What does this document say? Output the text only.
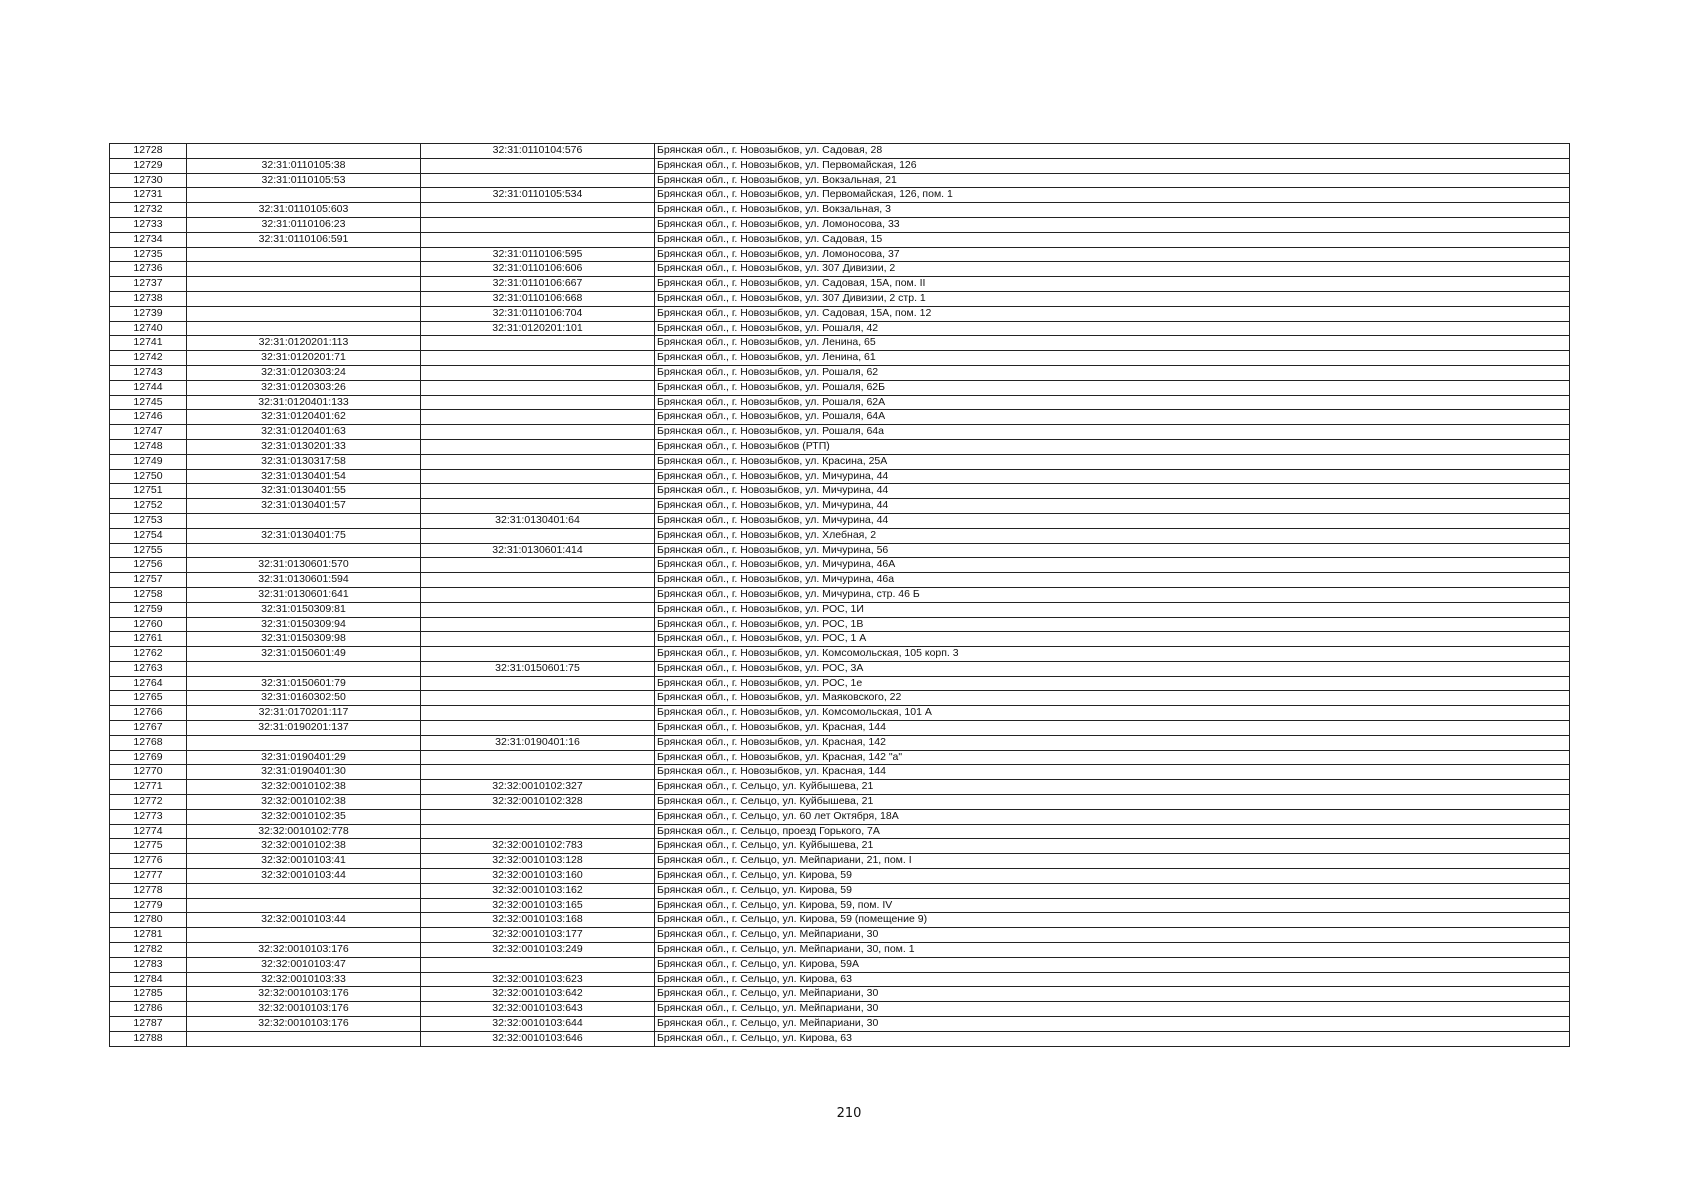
12728		32:31:0110104:576	Брянская обл., г. Новозыбков, ул. Садовая, 28
12729	32:31:0110105:38		Брянская обл., г. Новозыбков, ул. Первомайская, 126
12730	32:31:0110105:53		Брянская обл., г. Новозыбков, ул. Вокзальная, 21
12731		32:31:0110105:534	Брянская обл., г. Новозыбков, ул. Первомайская, 126, пом. 1
12732	32:31:0110105:603		Брянская обл., г. Новозыбков, ул. Вокзальная, 3
12733	32:31:0110106:23		Брянская обл., г. Новозыбков, ул. Ломоносова, 33
12734	32:31:0110106:591		Брянская обл., г. Новозыбков, ул. Садовая, 15
12735		32:31:0110106:595	Брянская обл., г. Новозыбков, ул. Ломоносова, 37
12736		32:31:0110106:606	Брянская обл., г. Новозыбков, ул. 307 Дивизии, 2
12737		32:31:0110106:667	Брянская обл., г. Новозыбков, ул. Садовая, 15А, пом. II
12738		32:31:0110106:668	Брянская обл., г. Новозыбков, ул. 307 Дивизии, 2 стр. 1
12739		32:31:0110106:704	Брянская обл., г. Новозыбков, ул. Садовая, 15А, пом. 12
12740		32:31:0120201:101	Брянская обл., г. Новозыбков, ул. Рошаля, 42
12741	32:31:0120201:113		Брянская обл., г. Новозыбков, ул. Ленина, 65
12742	32:31:0120201:71		Брянская обл., г. Новозыбков, ул. Ленина, 61
12743	32:31:0120303:24		Брянская обл., г. Новозыбков, ул. Рошаля, 62
12744	32:31:0120303:26		Брянская обл., г. Новозыбков, ул. Рошаля, 62Б
12745	32:31:0120401:133		Брянская обл., г. Новозыбков, ул. Рошаля, 62А
12746	32:31:0120401:62		Брянская обл., г. Новозыбков, ул. Рошаля, 64А
12747	32:31:0120401:63		Брянская обл., г. Новозыбков, ул. Рошаля, 64а
12748	32:31:0130201:33		Брянская обл., г. Новозыбков (РТП)
12749	32:31:0130317:58		Брянская обл., г. Новозыбков, ул. Красина, 25А
12750	32:31:0130401:54		Брянская обл., г. Новозыбков, ул. Мичурина, 44
12751	32:31:0130401:55		Брянская обл., г. Новозыбков, ул. Мичурина, 44
12752	32:31:0130401:57		Брянская обл., г. Новозыбков, ул. Мичурина, 44
12753		32:31:0130401:64	Брянская обл., г. Новозыбков, ул. Мичурина, 44
12754	32:31:0130401:75		Брянская обл., г. Новозыбков, ул. Хлебная, 2
12755		32:31:0130601:414	Брянская обл., г. Новозыбков, ул. Мичурина, 56
12756	32:31:0130601:570		Брянская обл., г. Новозыбков, ул. Мичурина, 46А
12757	32:31:0130601:594		Брянская обл., г. Новозыбков, ул. Мичурина, 46а
12758	32:31:0130601:641		Брянская обл., г. Новозыбков, ул. Мичурина, стр. 46 Б
12759	32:31:0150309:81		Брянская обл., г. Новозыбков, ул. РОС, 1И
12760	32:31:0150309:94		Брянская обл., г. Новозыбков, ул. РОС, 1В
12761	32:31:0150309:98		Брянская обл., г. Новозыбков, ул. РОС, 1 А
12762	32:31:0150601:49		Брянская обл., г. Новозыбков, ул. Комсомольская, 105 корп. 3
12763		32:31:0150601:75	Брянская обл., г. Новозыбков, ул. РОС, 3А
12764	32:31:0150601:79		Брянская обл., г. Новозыбков, ул. РОС, 1е
12765	32:31:0160302:50		Брянская обл., г. Новозыбков, ул. Маяковского, 22
12766	32:31:0170201:117		Брянская обл., г. Новозыбков, ул. Комсомольская, 101 А
12767	32:31:0190201:137		Брянская обл., г. Новозыбков, ул. Красная, 144
12768		32:31:0190401:16	Брянская обл., г. Новозыбков, ул. Красная, 142
12769	32:31:0190401:29		Брянская обл., г. Новозыбков, ул. Красная, 142 "а"
12770	32:31:0190401:30		Брянская обл., г. Новозыбков, ул. Красная, 144
12771	32:32:0010102:38	32:32:0010102:327	Брянская обл., г. Сельцо, ул. Куйбышева, 21
12772	32:32:0010102:38	32:32:0010102:328	Брянская обл., г. Сельцо, ул. Куйбышева, 21
12773	32:32:0010102:35		Брянская обл., г. Сельцо, ул. 60 лет Октября, 18А
12774	32:32:0010102:778		Брянская обл., г. Сельцо, проезд Горького, 7А
12775	32:32:0010102:38	32:32:0010102:783	Брянская обл., г. Сельцо, ул. Куйбышева, 21
12776	32:32:0010103:41	32:32:0010103:128	Брянская обл., г. Сельцо, ул. Мейпариани, 21, пом. I
12777	32:32:0010103:44	32:32:0010103:160	Брянская обл., г. Сельцо, ул. Кирова, 59
12778		32:32:0010103:162	Брянская обл., г. Сельцо, ул. Кирова, 59
12779		32:32:0010103:165	Брянская обл., г. Сельцо, ул. Кирова, 59, пом. IV
12780	32:32:0010103:44	32:32:0010103:168	Брянская обл., г. Сельцо, ул. Кирова, 59 (помещение 9)
12781		32:32:0010103:177	Брянская обл., г. Сельцо, ул. Мейпариани, 30
12782	32:32:0010103:176	32:32:0010103:249	Брянская обл., г. Сельцо, ул. Мейпариани, 30, пом. 1
12783	32:32:0010103:47		Брянская обл., г. Сельцо, ул. Кирова, 59А
12784	32:32:0010103:33	32:32:0010103:623	Брянская обл., г. Сельцо, ул. Кирова, 63
12785	32:32:0010103:176	32:32:0010103:642	Брянская обл., г. Сельцо, ул. Мейпариани, 30
12786	32:32:0010103:176	32:32:0010103:643	Брянская обл., г. Сельцо, ул. Мейпариани, 30
12787	32:32:0010103:176	32:32:0010103:644	Брянская обл., г. Сельцо, ул. Мейпариани, 30
12788		32:32:0010103:646	Брянская обл., г. Сельцо, ул. Кирова, 63
210
